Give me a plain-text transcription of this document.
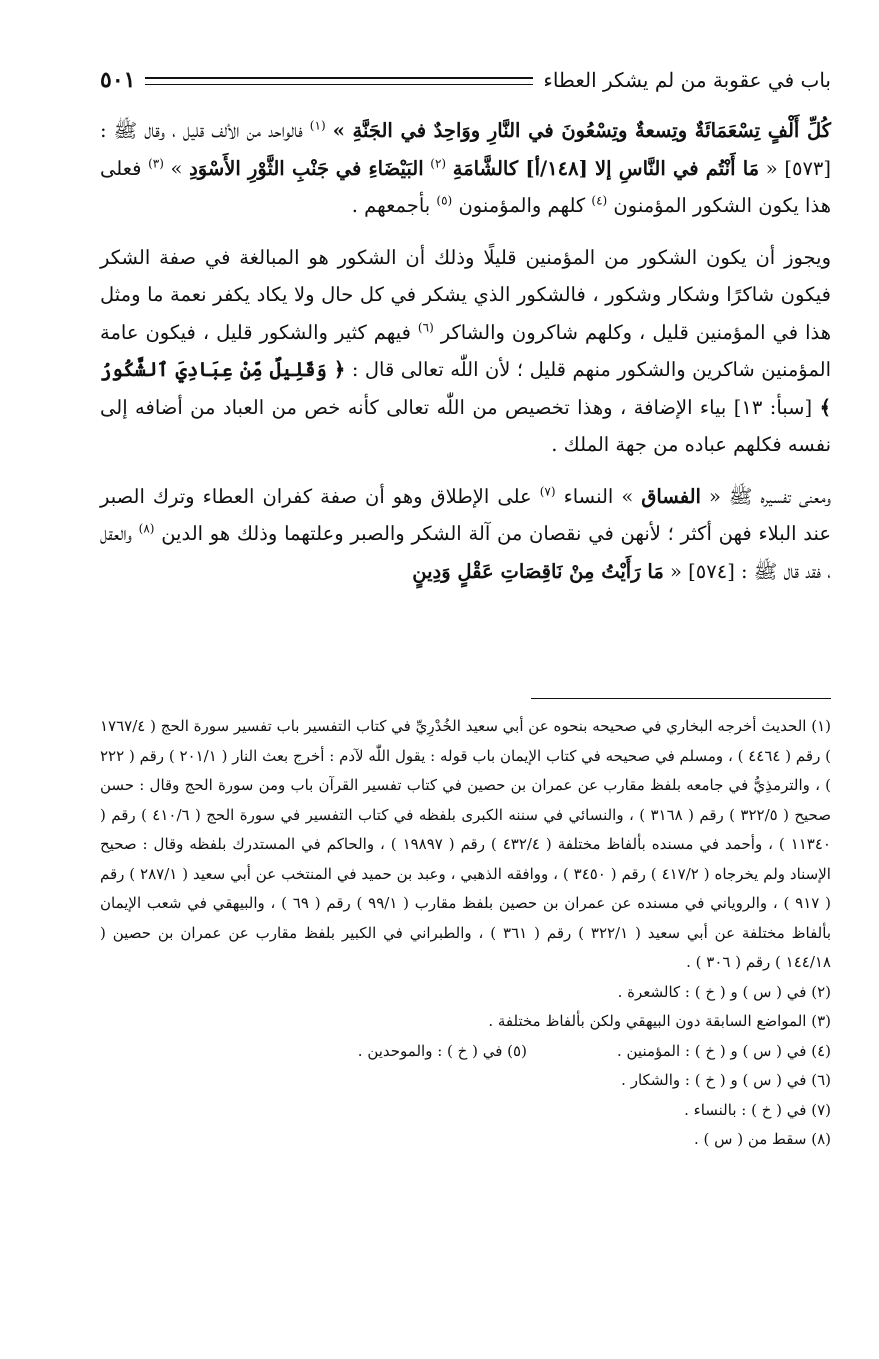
باب في عقوبة من لم يشكر العطاء
٥٠١

كُلِّ أَلْفٍ تِسْعَمَائَةٌ وتِسعةٌ وتِسْعُونَ في النَّارِ ووَاحِدٌ في الجَنَّةِ » $^{(١)}$ فالواحد من الألف قليل ، وقال ﷺ : [٥٧٣] « مَا أَنْتُم في النَّاسِ إلا [١٤٨/أ] كالشَّامَةِ $^{(٢)}$ البَيْضَاءِ في جَنْبِ الثَّوْرِ الأَسْوَدِ » $^{(٣)}$ فعلى هذا يكون الشكور المؤمنون $^{(٤)}$ كلهم والمؤمنون $^{(٥)}$ بأجمعهم .

ويجوز أن يكون الشكور من المؤمنين قليلًا وذلك أن الشكور هو المبالغة في صفة الشكر فيكون شاكرًا وشكار وشكور ، فالشكور الذي يشكر في كل حال ولا يكاد يكفر نعمة ما ومثل هذا في المؤمنين قليل ، وكلهم شاكرون والشاكر $^{(٦)}$ فيهم كثير والشكور قليل ، فيكون عامة المؤمنين شاكرين والشكور منهم قليل ؛ لأن اللّٰه تعالى قال : ﴿ وَقَلِيلٌ مِّنْ عِبَادِيَ ٱلشَّكُورُ ﴾ [سبأ: ١٣] بياء الإضافة ، وهذا تخصيص من اللّٰه تعالى كأنه خص من العباد من أضافه إلى نفسه فكلهم عباده من جهة الملك .

ومعنى تفسيره ﷺ « الفساق » النساء $^{(٧)}$ على الإطلاق وهو أن صفة كفران العطاء وترك الصبر عند البلاء فهن أكثر ؛ لأنهن في نقصان من آلة الشكر والصبر وعلتهما وذلك هو الدين $^{(٨)}$ والعقل ، فقد قال ﷺ : [٥٧٤] « مَا رَأَيْتُ مِنْ نَاقِصَاتِ عَقْلٍ وَدِينٍ

(١) الحديث أخرجه البخاري في صحيحه بنحوه عن أبي سعيد الخُدْرِيِّ في كتاب التفسير باب تفسير سورة الحج ( ١٧٦٧/٤ ) رقم ( ٤٤٦٤ ) ، ومسلم في صحيحه في كتاب الإيمان باب قوله : يقول اللّٰه لآدم : أخرج بعث النار ( ٢٠١/١ ) رقم ( ٢٢٢ ) ، والترمذِيُّ في جامعه بلفظ مقارب عن عمران بن حصين في كتاب تفسير القرآن باب ومن سورة الحج وقال : حسن صحيح ( ٣٢٢/٥ ) رقم ( ٣١٦٨ ) ، والنسائي في سننه الكبرى بلفظه في كتاب التفسير في سورة الحج ( ٤١٠/٦ ) رقم ( ١١٣٤٠ ) ، وأحمد في مسنده بألفاظ مختلفة ( ٤٣٢/٤ ) رقم ( ١٩٨٩٧ ) ، والحاكم في المستدرك بلفظه وقال : صحيح الإسناد ولم يخرجاه ( ٤١٧/٢ ) رقم ( ٣٤٥٠ ) ، ووافقه الذهبي ، وعبد بن حميد في المنتخب عن أبي سعيد ( ٢٨٧/١ ) رقم ( ٩١٧ ) ، والروياني في مسنده عن عمران بن حصين بلفظ مقارب ( ٩٩/١ ) رقم ( ٦٩ ) ، والبيهقي في شعب الإيمان بألفاظ مختلفة عن أبي سعيد ( ٣٢٢/١ ) رقم ( ٣٦١ ) ، والطبراني في الكبير بلفظ مقارب عن عمران بن حصين ( ١٤٤/١٨ ) رقم ( ٣٠٦ ) .

(٢) في ( س ) و ( خ ) : كالشعرة .

(٣) المواضع السابقة دون البيهقي ولكن بألفاظ مختلفة .

(٤) في ( س ) و ( خ ) : المؤمنين .
(٥) في ( خ ) : والموحدين .

(٦) في ( س ) و ( خ ) : والشكار .

(٧) في ( خ ) : بالنساء .

(٨) سقط من ( س ) .
